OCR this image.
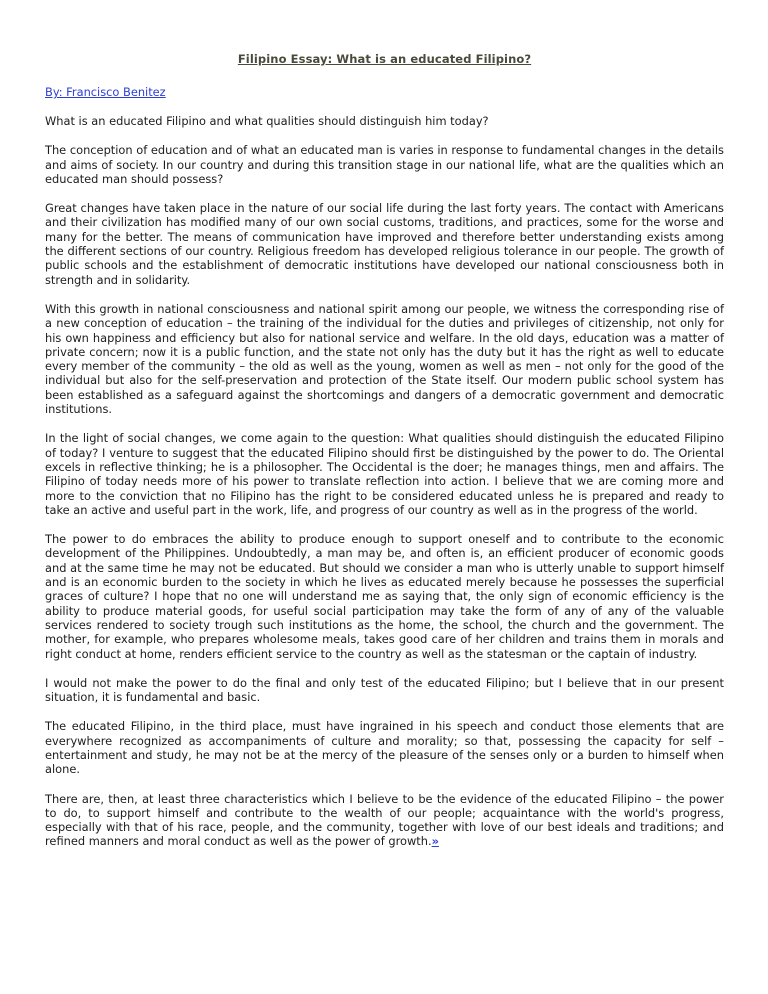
Filipino Essay: What is an educated Filipino?

By: Francisco Benitez

What is an educated Filipino and what qualities should distinguish him today?

The conception of education and of what an educated man is varies in response to fundamental changes in the details and aims of society. In our country and during this transition stage in our national life, what are the qualities which an educated man should possess?

Great changes have taken place in the nature of our social life during the last forty years. The contact with Americans and their civilization has modified many of our own social customs, traditions, and practices, some for the worse and many for the better. The means of communication have improved and therefore better understanding exists among the different sections of our country. Religious freedom has developed religious tolerance in our people. The growth of public schools and the establishment of democratic institutions have developed our national consciousness both in strength and in solidarity.

With this growth in national consciousness and national spirit among our people, we witness the corresponding rise of a new conception of education – the training of the individual for the duties and privileges of citizenship, not only for his own happiness and efficiency but also for national service and welfare. In the old days, education was a matter of private concern; now it is a public function, and the state not only has the duty but it has the right as well to educate every member of the community – the old as well as the young, women as well as men – not only for the good of the individual but also for the self-preservation and protection of the State itself. Our modern public school system has been established as a safeguard against the shortcomings and dangers of a democratic government and democratic institutions.

In the light of social changes, we come again to the question: What qualities should distinguish the educated Filipino of today? I venture to suggest that the educated Filipino should first be distinguished by the power to do. The Oriental excels in reflective thinking; he is a philosopher. The Occidental is the doer; he manages things, men and affairs. The Filipino of today needs more of his power to translate reflection into action. I believe that we are coming more and more to the conviction that no Filipino has the right to be considered educated unless he is prepared and ready to take an active and useful part in the work, life, and progress of our country as well as in the progress of the world.

The power to do embraces the ability to produce enough to support oneself and to contribute to the economic development of the Philippines. Undoubtedly, a man may be, and often is, an efficient producer of economic goods and at the same time he may not be educated. But should we consider a man who is utterly unable to support himself and is an economic burden to the society in which he lives as educated merely because he possesses the superficial graces of culture? I hope that no one will understand me as saying that, the only sign of economic efficiency is the ability to produce material goods, for useful social participation may take the form of any of any of the valuable services rendered to society trough such institutions as the home, the school, the church and the government. The mother, for example, who prepares wholesome meals, takes good care of her children and trains them in morals and right conduct at home, renders efficient service to the country as well as the statesman or the captain of industry.

I would not make the power to do the final and only test of the educated Filipino; but I believe that in our present situation, it is fundamental and basic.

The educated Filipino, in the third place, must have ingrained in his speech and conduct those elements that are everywhere recognized as accompaniments of culture and morality; so that, possessing the capacity for self – entertainment and study, he may not be at the mercy of the pleasure of the senses only or a burden to himself when alone.

There are, then, at least three characteristics which I believe to be the evidence of the educated Filipino – the power to do, to support himself and contribute to the wealth of our people; acquaintance with the world's progress, especially with that of his race, people, and the community, together with love of our best ideals and traditions; and refined manners and moral conduct as well as the power of growth.»
